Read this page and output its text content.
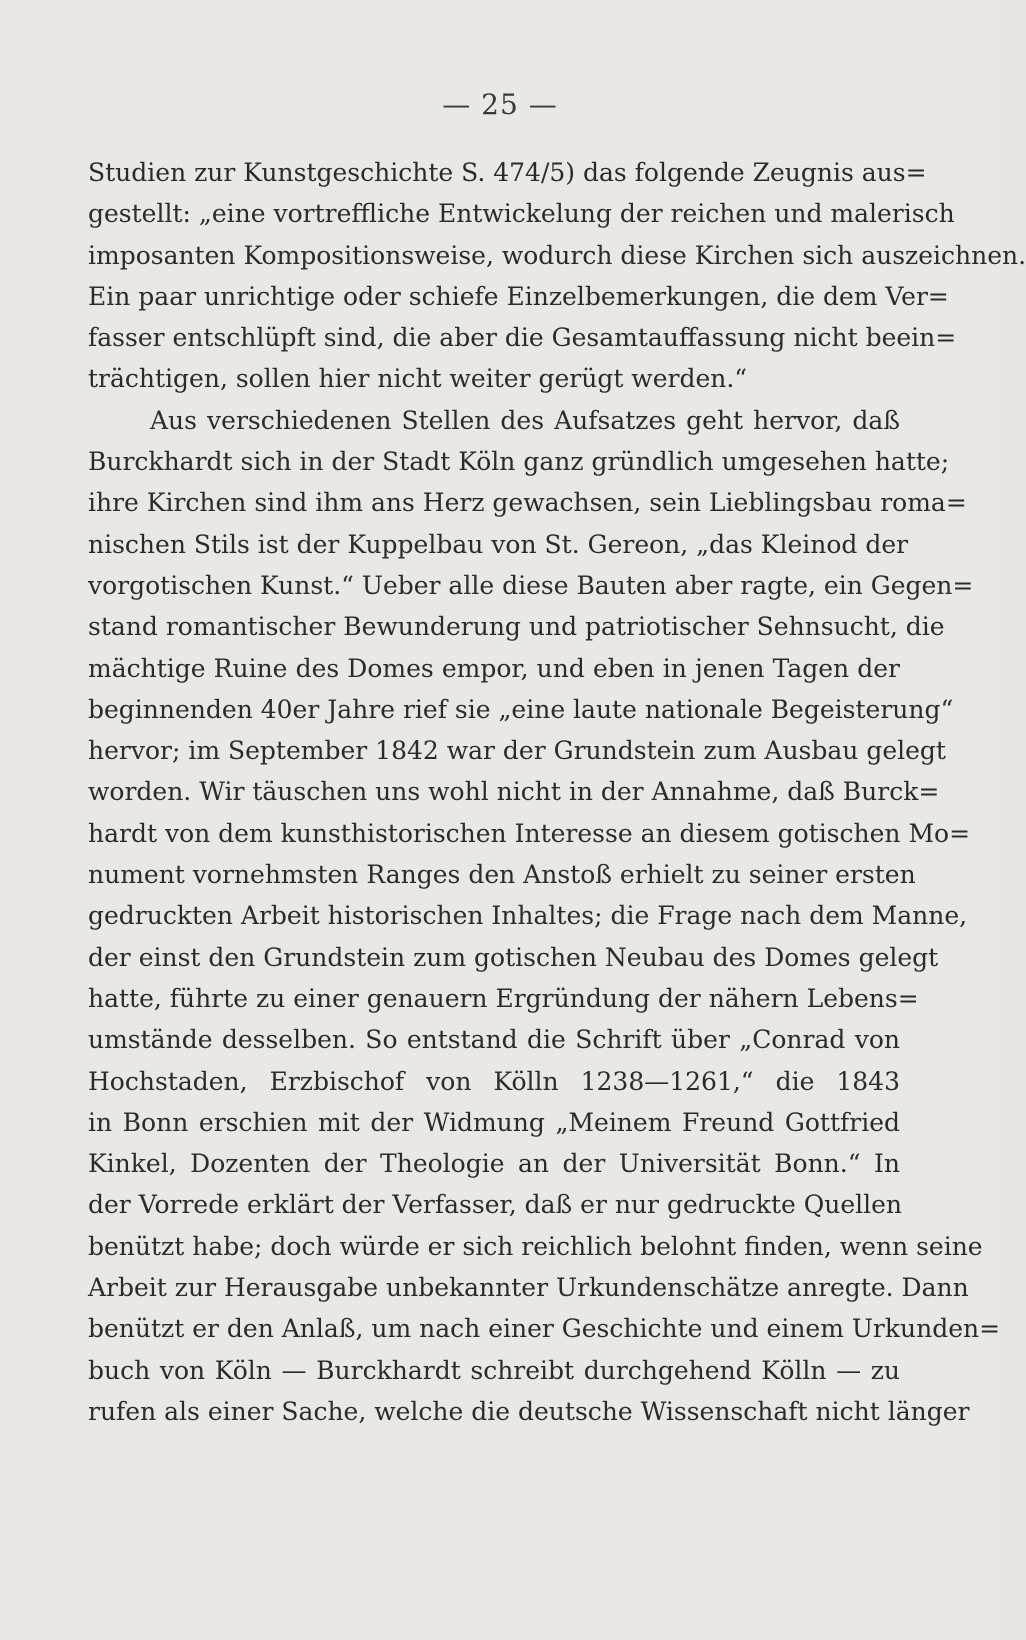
— 25 —
Studien zur Kunstgeschichte S. 474/5) das folgende Zeugnis aus=
gestellt: „eine vortreffliche Entwickelung der reichen und malerisch
imposanten Kompositionsweise, wodurch diese Kirchen sich auszeichnen.
Ein paar unrichtige oder schiefe Einzelbemerkungen, die dem Ver=
fasser entschlüpft sind, die aber die Gesamtauffassung nicht beein=
trächtigen, sollen hier nicht weiter gerügt werden.“
Aus verschiedenen Stellen des Aufsatzes geht hervor, daß
Burckhardt sich in der Stadt Köln ganz gründlich umgesehen hatte;
ihre Kirchen sind ihm ans Herz gewachsen, sein Lieblingsbau roma=
nischen Stils ist der Kuppelbau von St. Gereon, „das Kleinod der
vorgotischen Kunst.“ Ueber alle diese Bauten aber ragte, ein Gegen=
stand romantischer Bewunderung und patriotischer Sehnsucht, die
mächtige Ruine des Domes empor, und eben in jenen Tagen der
beginnenden 40er Jahre rief sie „eine laute nationale Begeisterung“
hervor; im September 1842 war der Grundstein zum Ausbau gelegt
worden. Wir täuschen uns wohl nicht in der Annahme, daß Burck=
hardt von dem kunsthistorischen Interesse an diesem gotischen Mo=
nument vornehmsten Ranges den Anstoß erhielt zu seiner ersten
gedruckten Arbeit historischen Inhaltes; die Frage nach dem Manne,
der einst den Grundstein zum gotischen Neubau des Domes gelegt
hatte, führte zu einer genauern Ergründung der nähern Lebens=
umstände desselben. So entstand die Schrift über „Conrad von
Hochstaden, Erzbischof von Kölln 1238—1261,“ die 1843
in Bonn erschien mit der Widmung „Meinem Freund Gottfried
Kinkel, Dozenten der Theologie an der Universität Bonn.“ In
der Vorrede erklärt der Verfasser, daß er nur gedruckte Quellen
benützt habe; doch würde er sich reichlich belohnt finden, wenn seine
Arbeit zur Herausgabe unbekannter Urkundenschätze anregte. Dann
benützt er den Anlaß, um nach einer Geschichte und einem Urkunden=
buch von Köln — Burckhardt schreibt durchgehend Kölln — zu
rufen als einer Sache, welche die deutsche Wissenschaft nicht länger
